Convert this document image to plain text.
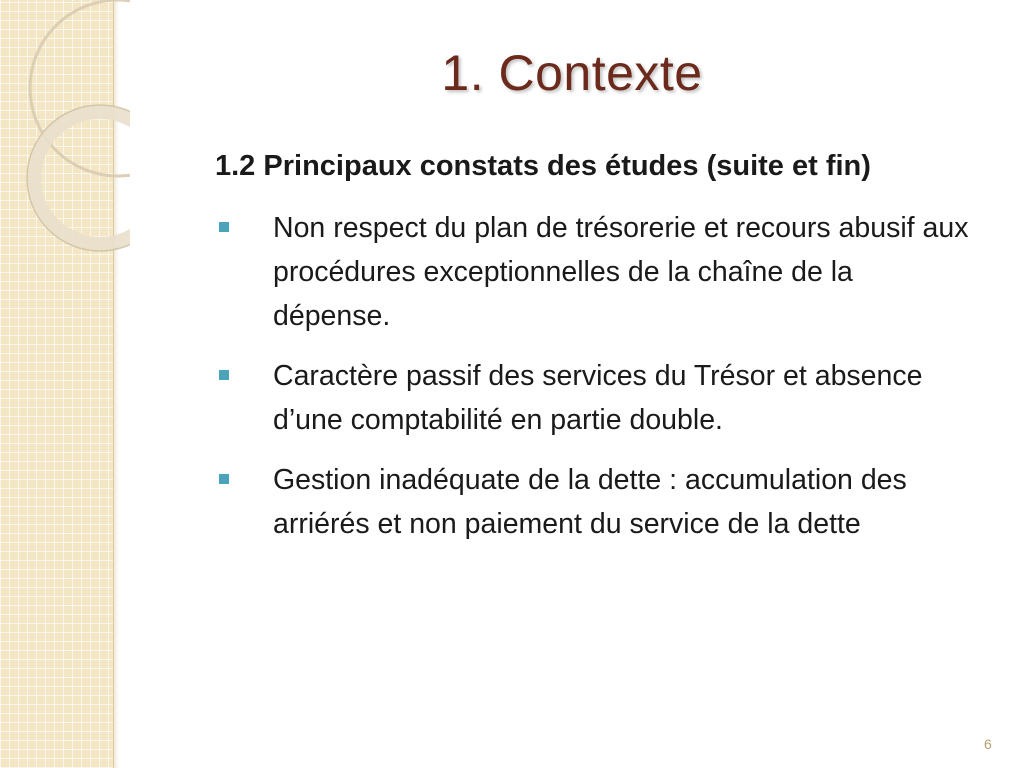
1. Contexte

1.2 Principaux constats des études (suite et fin)

Non respect du plan de trésorerie et recours abusif aux procédures exceptionnelles de la chaîne de la dépense.
Caractère passif des services du Trésor et absence d’une comptabilité en partie double.
Gestion inadéquate de la dette : accumulation des arriérés et non paiement du service de la dette
6
